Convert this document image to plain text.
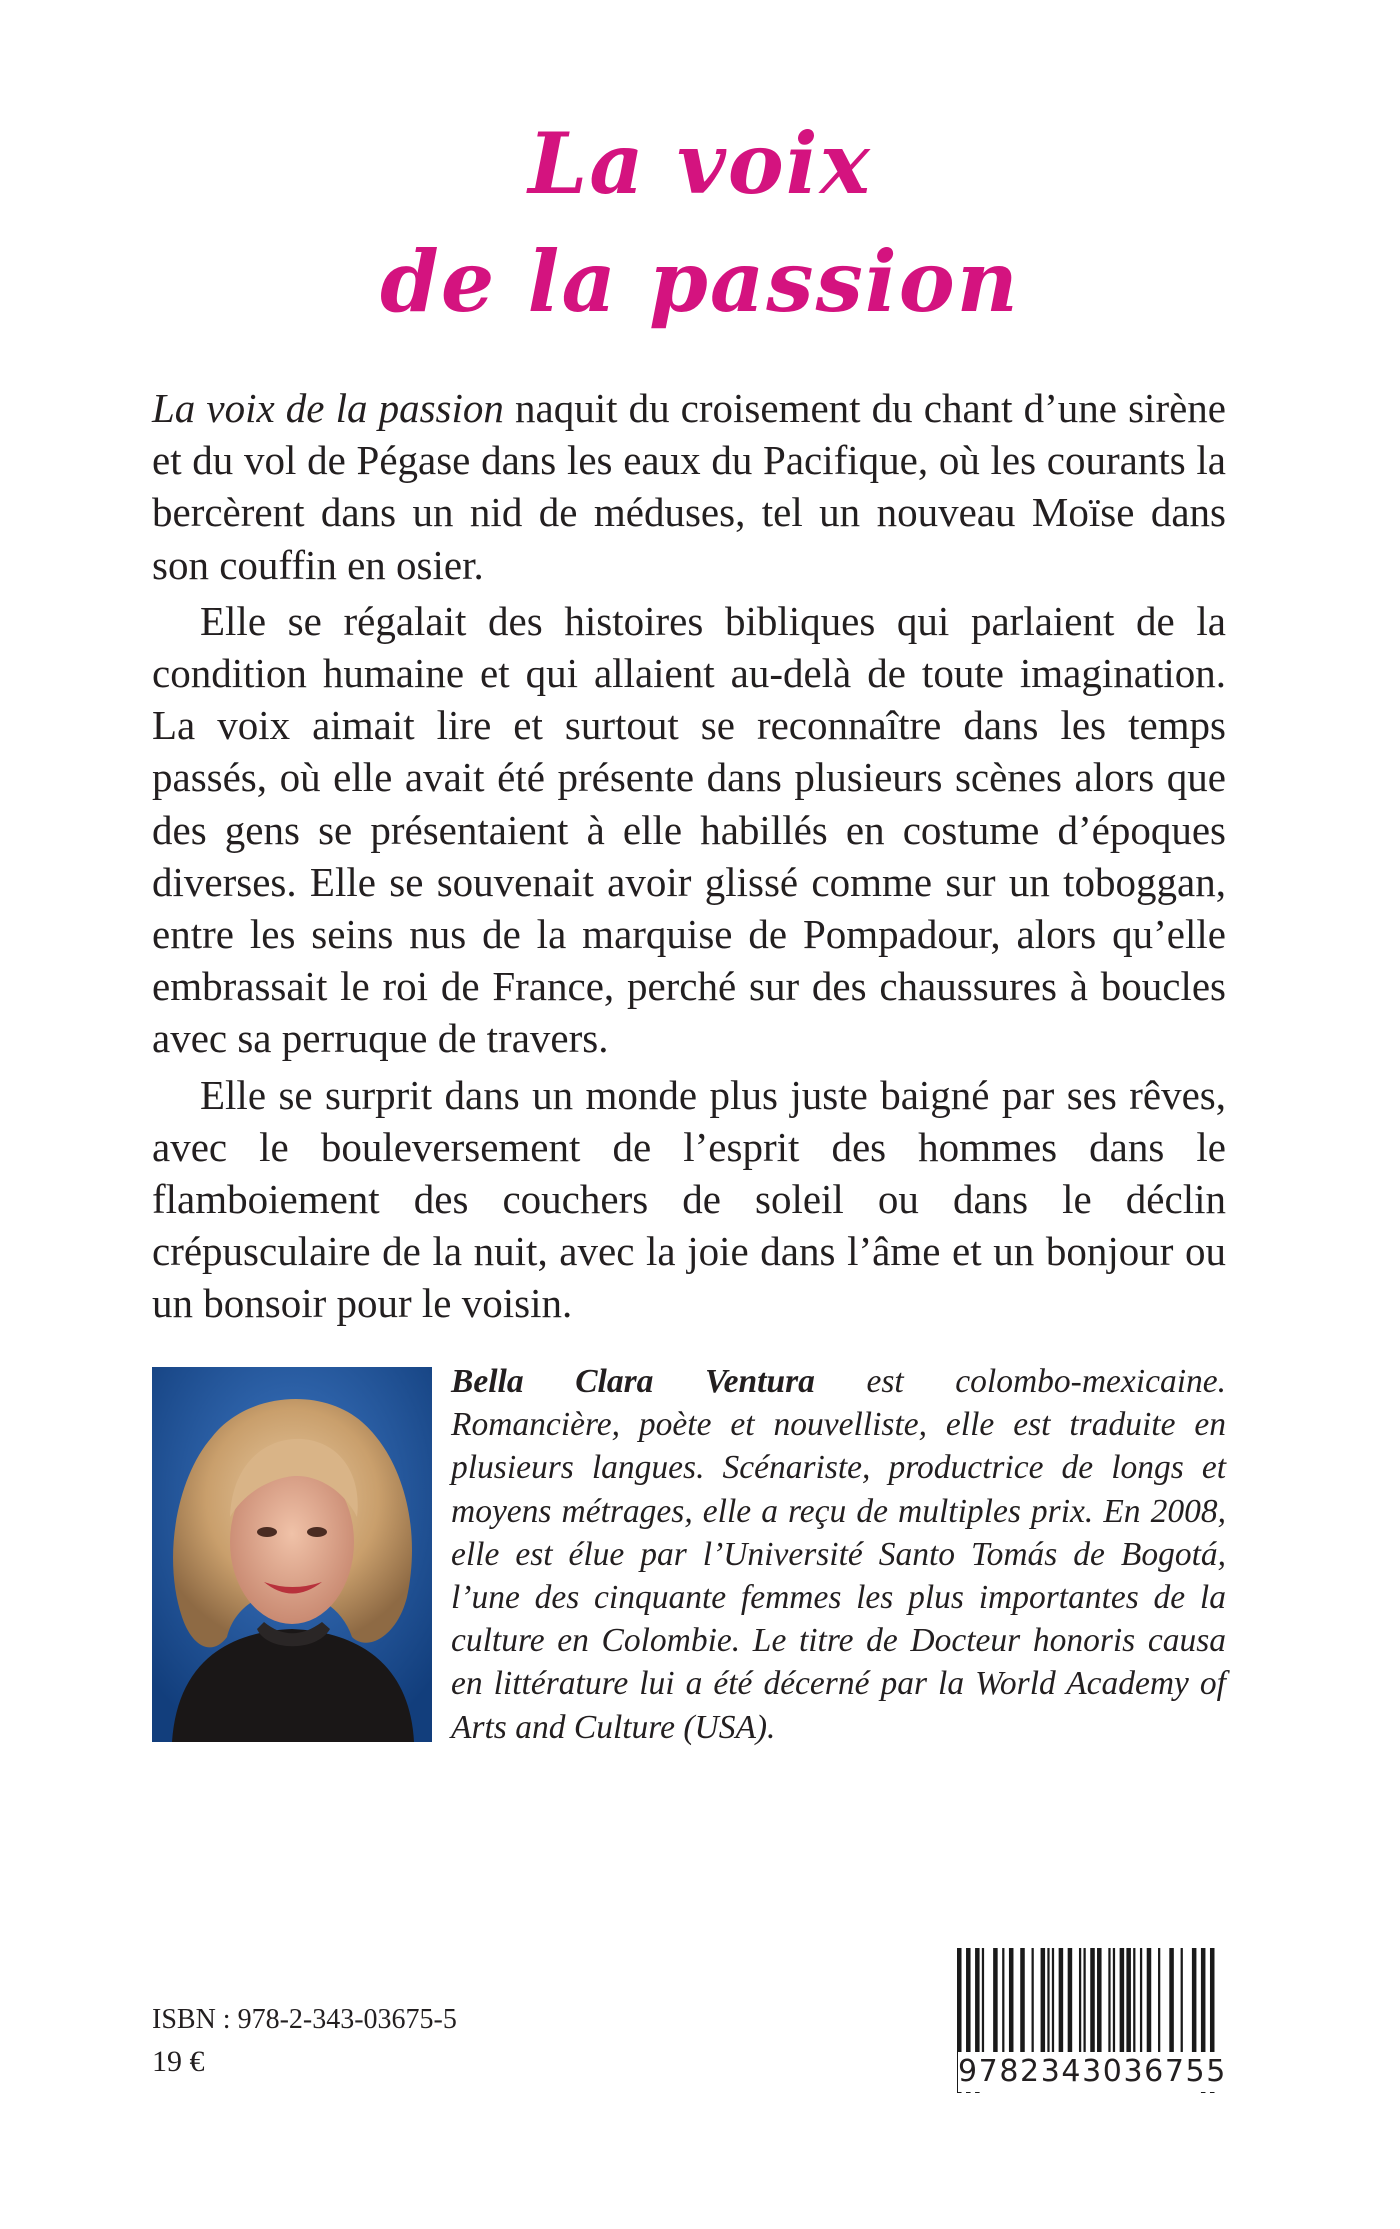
La voix
de la passion

La voix de la passion naquit du croisement du chant d’une sirène et du vol de Pégase dans les eaux du Pacifique, où les courants la bercèrent dans un nid de méduses, tel un nouveau Moïse dans son couffin en osier.

Elle se régalait des histoires bibliques qui parlaient de la condition humaine et qui allaient au-delà de toute imagination. La voix aimait lire et surtout se reconnaître dans les temps passés, où elle avait été présente dans plusieurs scènes alors que des gens se présentaient à elle habillés en costume d’époques diverses. Elle se souvenait avoir glissé comme sur un toboggan, entre les seins nus de la marquise de Pompadour, alors qu’elle embrassait le roi de France, perché sur des chaussures à boucles avec sa perruque de travers.

Elle se surprit dans un monde plus juste baigné par ses rêves, avec le bouleversement de l’esprit des hommes dans le flamboiement des couchers de soleil ou dans le déclin crépusculaire de la nuit, avec la joie dans l’âme et un bonjour ou un bonsoir pour le voisin.

Bella Clara Ventura est colombo-mexicaine. Romancière, poète et nouvelliste, elle est traduite en plusieurs langues. Scénariste, productrice de longs et moyens métrages, elle a reçu de multiples prix. En 2008, elle est élue par l’Université Santo Tomás de Bogotá, l’une des cinquante femmes les plus importantes de la culture en Colombie. Le titre de Docteur honoris causa en littérature lui a été décerné par la World Academy of Arts and Culture (USA).
ISBN : 978-2-343-03675-5
19 €	9782343036755
